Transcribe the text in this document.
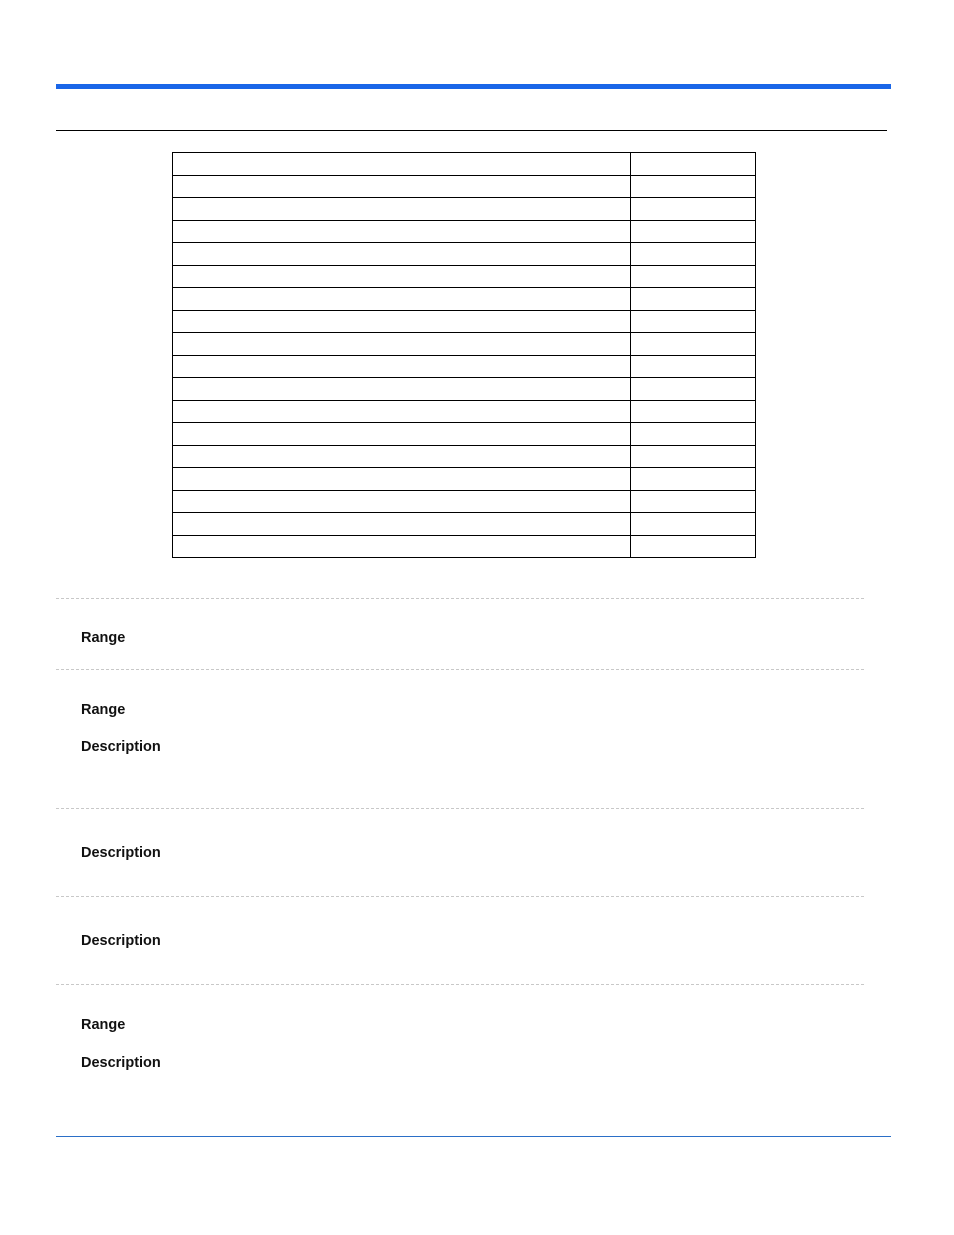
Range

Range

Description

Description

Description

Range

Description
